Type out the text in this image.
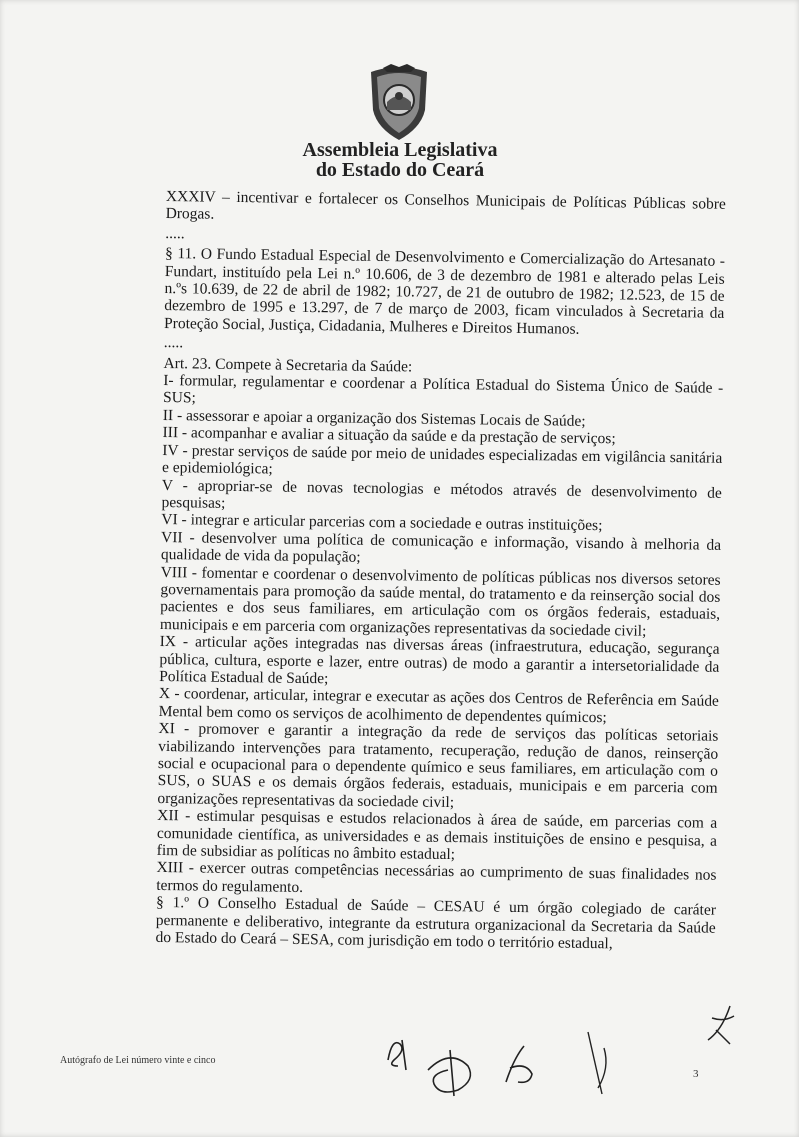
Assembleia Legislativa
do Estado do Ceará

XXXIV – incentivar e fortalecer os Conselhos Municipais de Políticas Públicas sobre Drogas.

.....

§ 11. O Fundo Estadual Especial de Desenvolvimento e Comercialização do Artesanato - Fundart, instituído pela Lei n.º 10.606, de 3 de dezembro de 1981 e alterado pelas Leis n.ºs 10.639, de 22 de abril de 1982; 10.727, de 21 de outubro de 1982; 12.523, de 15 de dezembro de 1995 e 13.297, de 7 de março de 2003, ficam vinculados à Secretaria da Proteção Social, Justiça, Cidadania, Mulheres e Direitos Humanos.

.....

Art. 23. Compete à Secretaria da Saúde:

I- formular, regulamentar e coordenar a Política Estadual do Sistema Único de Saúde - SUS;

II - assessorar e apoiar a organização dos Sistemas Locais de Saúde;

III - acompanhar e avaliar a situação da saúde e da prestação de serviços;

IV - prestar serviços de saúde por meio de unidades especializadas em vigilância sanitária e epidemiológica;

V - apropriar-se de novas tecnologias e métodos através de desenvolvimento de pesquisas;

VI - integrar e articular parcerias com a sociedade e outras instituições;

VII - desenvolver uma política de comunicação e informação, visando à melhoria da qualidade de vida da população;

VIII - fomentar e coordenar o desenvolvimento de políticas públicas nos diversos setores governamentais para promoção da saúde mental, do tratamento e da reinserção social dos pacientes e dos seus familiares, em articulação com os órgãos federais, estaduais, municipais e em parceria com organizações representativas da sociedade civil;

IX - articular ações integradas nas diversas áreas (infraestrutura, educação, segurança pública, cultura, esporte e lazer, entre outras) de modo a garantir a intersetorialidade da Política Estadual de Saúde;

X - coordenar, articular, integrar e executar as ações dos Centros de Referência em Saúde Mental bem como os serviços de acolhimento de dependentes químicos;

XI - promover e garantir a integração da rede de serviços das políticas setoriais viabilizando intervenções para tratamento, recuperação, redução de danos, reinserção social e ocupacional para o dependente químico e seus familiares, em articulação com o SUS, o SUAS e os demais órgãos federais, estaduais, municipais e em parceria com organizações representativas da sociedade civil;

XII - estimular pesquisas e estudos relacionados à área de saúde, em parcerias com a comunidade científica, as universidades e as demais instituições de ensino e pesquisa, a fim de subsidiar as políticas no âmbito estadual;

XIII - exercer outras competências necessárias ao cumprimento de suas finalidades nos termos do regulamento.

§ 1.º O Conselho Estadual de Saúde – CESAU é um órgão colegiado de caráter permanente e deliberativo, integrante da estrutura organizacional da Secretaria da Saúde do Estado do Ceará – SESA, com jurisdição em todo o território estadual,

Autógrafo de Lei número vinte e cinco
3
